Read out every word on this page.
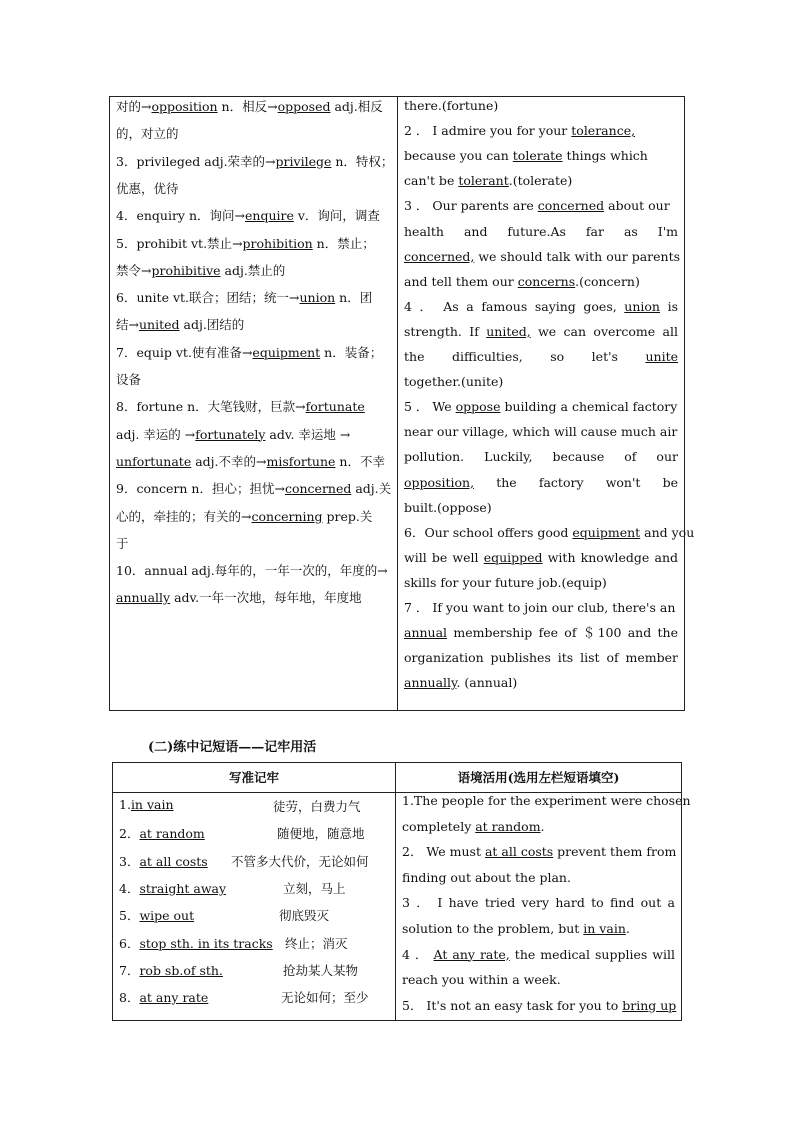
对的→opposition n．相反→opposed adj.相反
的，对立的
3．privileged adj.荣幸的→privilege n．特权；
优惠，优待
4．enquiry n．询问→enquire v．询问，调查
5．prohibit vt.禁止→prohibition n．禁止；
禁令→prohibitive adj.禁止的
6．unite vt.联合；团结；统一→union n．团
结→united adj.团结的
7．equip vt.使有准备→equipment n．装备；
设备
8．fortune n．大笔钱财，巨款→fortunate
adj. 幸运的 →fortunately adv. 幸运地 →
unfortunate adj.不幸的→misfortune n．不幸
9．concern n．担心；担忧→concerned adj.关
心的，牵挂的；有关的→concerning prep.关
于
10．annual adj.每年的，一年一次的，年度的→
annually adv.一年一次地，每年地，年度地
there.(fortune)
2 ． I admire you for your tolerance,
because you can tolerate things which
can't be tolerant.(tolerate)
3 ． Our parents are concerned about our
health and future.As far as I'm
concerned, we should talk with our parents
and tell them our concerns.(concern)
4 ． As a famous saying goes, union is
strength. If united, we can overcome all
the difficulties, so let's unite
together.(unite)
5 ． We oppose building a chemical factory
near our village, which will cause much air
pollution. Luckily, because of our
opposition, the factory won't be
built.(oppose)
6．Our school offers good equipment and you
will be well equipped with knowledge and
skills for your future job.(equip)
7 ． If you want to join our club, there's an
annual membership fee of ＄100 and the
organization publishes its list of member
annually. (annual)
(二)练中记短语——记牢用活
写准记牢	语境活用(选用左栏短语填空)
1.in vain	徒劳，白费力气
2．at random	随便地，随意地
3．at all costs 不管多大代价，无论如何
4．straight away	立刻，马上
5．wipe out	彻底毁灭
6．stop sth. in its tracks 终止；消灭
7．rob sb.of sth.	抢劫某人某物
8．at any rate	无论如何；至少
1.The people for the experiment were chosen
completely at random.
2． We must at all costs prevent them from
finding out about the plan.
3 ． I have tried very hard to find out a
solution to the problem, but in vain.
4 ． At any rate, the medical supplies will
reach you within a week.
5． It's not an easy task for you to bring up
